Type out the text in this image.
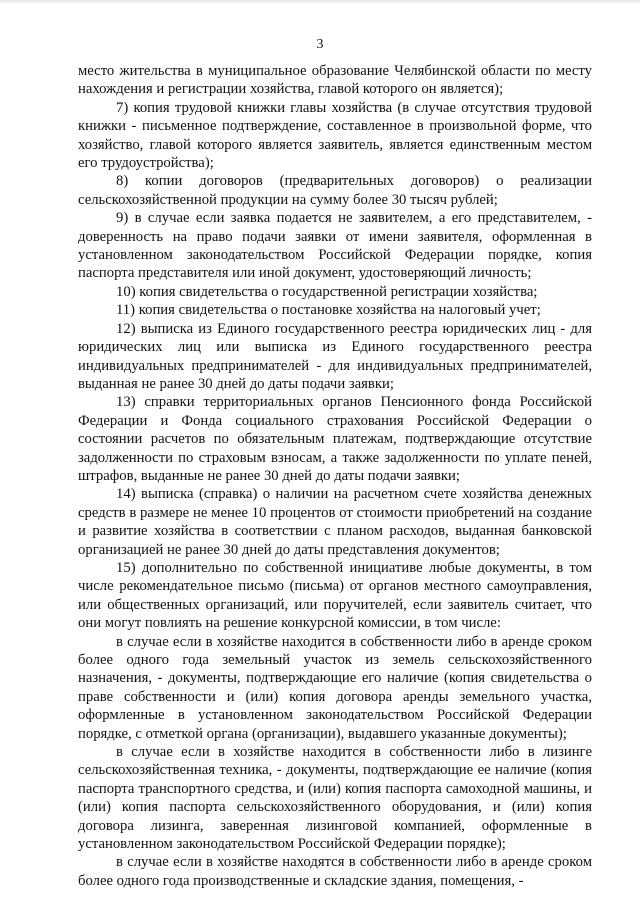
3

место жительства в муниципальное образование Челябинской области по месту нахождения и регистрации хозяйства, главой которого он является);

7) копия трудовой книжки главы хозяйства (в случае отсутствия трудовой книжки - письменное подтверждение, составленное в произвольной форме, что хозяйство, главой которого является заявитель, является единственным местом его трудоустройства);

8) копии договоров (предварительных договоров) о реализации сельскохозяйственной продукции на сумму более 30 тысяч рублей;

9) в случае если заявка подается не заявителем, а его представителем, - доверенность на право подачи заявки от имени заявителя, оформленная в установленном законодательством Российской Федерации порядке, копия паспорта представителя или иной документ, удостоверяющий личность;

10) копия свидетельства о государственной регистрации хозяйства;

11) копия свидетельства о постановке хозяйства на налоговый учет;

12) выписка из Единого государственного реестра юридических лиц - для юридических лиц или выписка из Единого государственного реестра индивидуальных предпринимателей - для индивидуальных предпринимателей, выданная не ранее 30 дней до даты подачи заявки;

13) справки территориальных органов Пенсионного фонда Российской Федерации и Фонда социального страхования Российской Федерации о состоянии расчетов по обязательным платежам, подтверждающие отсутствие задолженности по страховым взносам, а также задолженности по уплате пеней, штрафов, выданные не ранее 30 дней до даты подачи заявки;

14) выписка (справка) о наличии на расчетном счете хозяйства денежных средств в размере не менее 10 процентов от стоимости приобретений на создание и развитие хозяйства в соответствии с планом расходов, выданная банковской организацией не ранее 30 дней до даты представления документов;

15) дополнительно по собственной инициативе любые документы, в том числе рекомендательное письмо (письма) от органов местного самоуправления, или общественных организаций, или поручителей, если заявитель считает, что они могут повлиять на решение конкурсной комиссии, в том числе:

в случае если в хозяйстве находится в собственности либо в аренде сроком более одного года земельный участок из земель сельскохозяйственного назначения, - документы, подтверждающие его наличие (копия свидетельства о праве собственности и (или) копия договора аренды земельного участка, оформленные в установленном законодательством Российской Федерации порядке, с отметкой органа (организации), выдавшего указанные документы);

в случае если в хозяйстве находится в собственности либо в лизинге сельскохозяйственная техника, - документы, подтверждающие ее наличие (копия паспорта транспортного средства, и (или) копия паспорта самоходной машины, и (или) копия паспорта сельскохозяйственного оборудования, и (или) копия договора лизинга, заверенная лизинговой компанией, оформленные в установленном законодательством Российской Федерации порядке);

в случае если в хозяйстве находятся в собственности либо в аренде сроком более одного года производственные и складские здания, помещения, -
